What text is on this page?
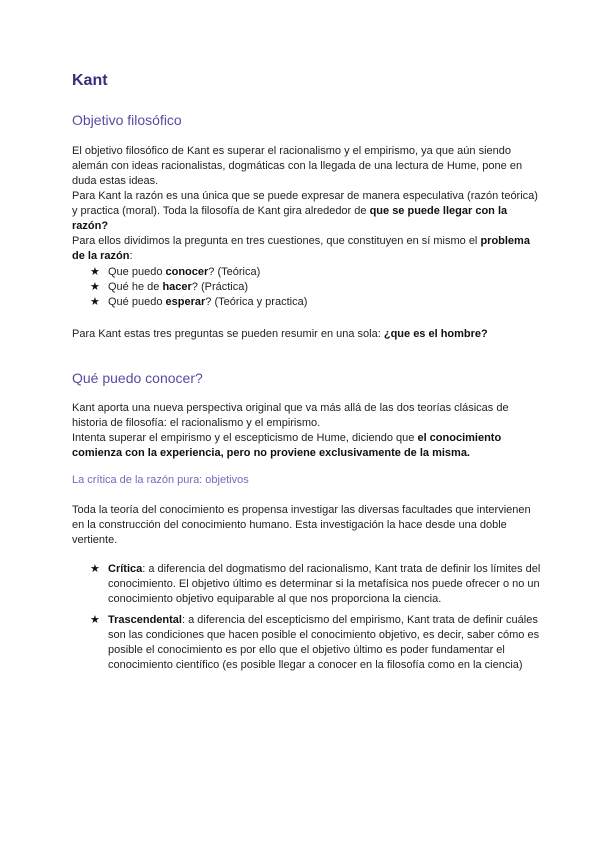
Kant
Objetivo filosófico
El objetivo filosófico de Kant es superar el racionalismo y el empirismo, ya que aún siendo alemán con ideas racionalistas, dogmáticas con la llegada de una lectura de Hume, pone en duda estas ideas.
Para Kant la razón es una única que se puede expresar de manera especulativa (razón teórica) y practica (moral). Toda la filosofía de Kant gira alrededor de que se puede llegar con la razón?
Para ellos dividimos la pregunta en tres cuestiones, que constituyen en sí mismo el problema de la razón:
★ Que puedo conocer? (Teórica)
★ Qué he de hacer? (Práctica)
★ Qué puedo esperar? (Teórica y practica)
Para Kant estas tres preguntas se pueden resumir en una sola: ¿que es el hombre?
Qué puedo conocer?
Kant aporta una nueva perspectiva original que va más allá de las dos teorías clásicas de historia de filosofía: el racionalismo y el empirismo.
Intenta superar el empirismo y el escepticismo de Hume, diciendo que el conocimiento comienza con la experiencia, pero no proviene exclusivamente de la misma.
La crítica de la razón pura: objetivos
Toda la teoría del conocimiento es propensa investigar las diversas facultades que intervienen en la construcción del conocimiento humano. Esta investigación la hace desde una doble vertiente.
★ Crítica: a diferencia del dogmatismo del racionalismo, Kant trata de definir los límites del conocimiento. El objetivo último es determinar si la metafísica nos puede ofrecer o no un conocimiento objetivo equiparable al que nos proporciona la ciencia.
★ Trascendental: a diferencia del escepticismo del empirismo, Kant trata de definir cuáles son las condiciones que hacen posible el conocimiento objetivo, es decir, saber cómo es posible el conocimiento es por ello que el objetivo último es poder fundamentar el conocimiento científico (es posible llegar a conocer en la filosofía como en la ciencia)
